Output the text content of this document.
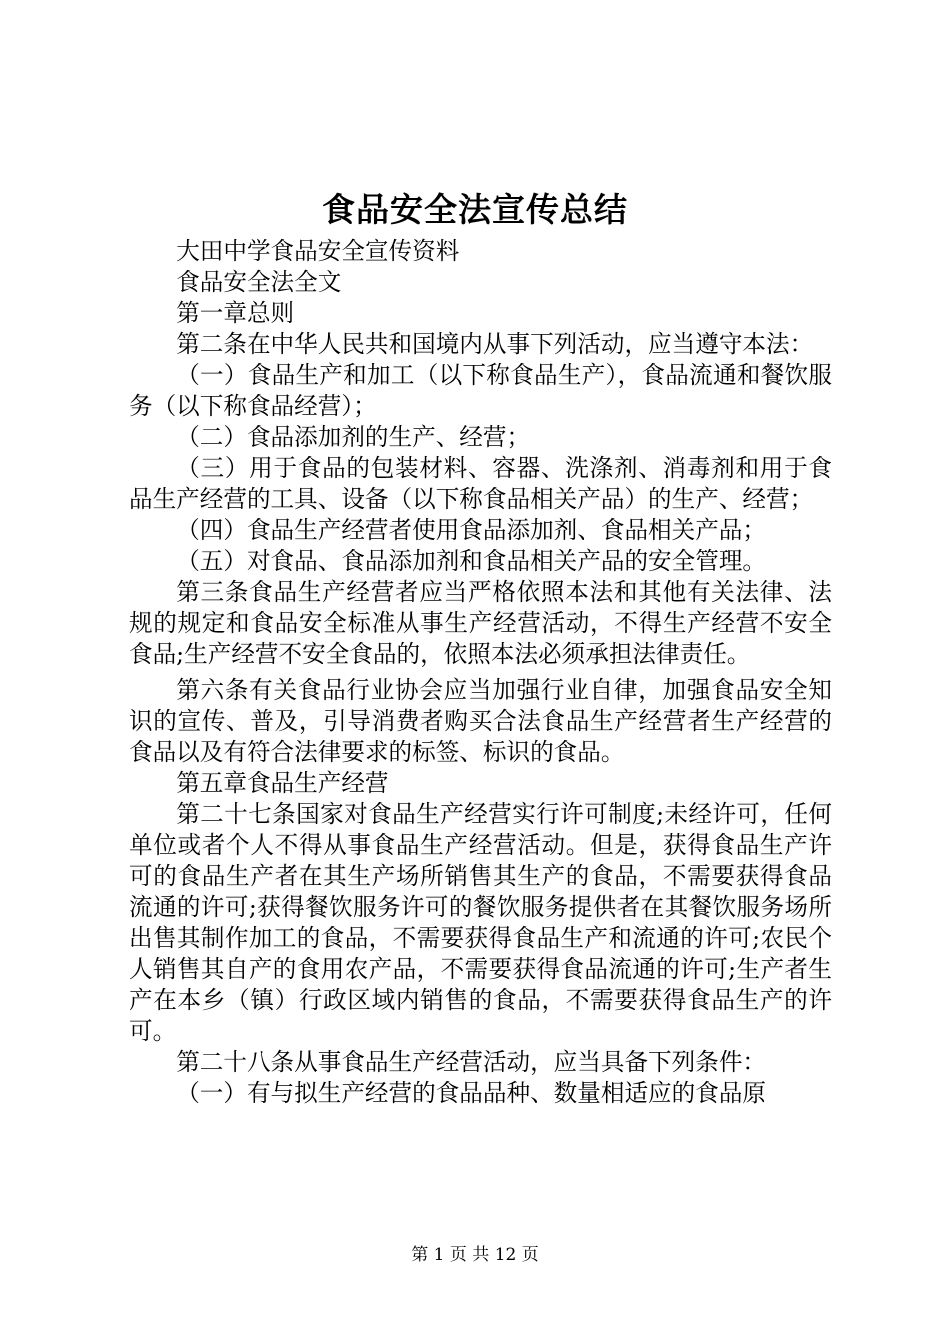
食品安全法宣传总结

大田中学食品安全宣传资料

食品安全法全文

第一章总则

第二条在中华人民共和国境内从事下列活动，应当遵守本法：

（一）食品生产和加工（以下称食品生产），食品流通和餐饮服务（以下称食品经营）；

（二）食品添加剂的生产、经营；

（三）用于食品的包装材料、容器、洗涤剂、消毒剂和用于食品生产经营的工具、设备（以下称食品相关产品）的生产、经营；

（四）食品生产经营者使用食品添加剂、食品相关产品；

（五）对食品、食品添加剂和食品相关产品的安全管理。

第三条食品生产经营者应当严格依照本法和其他有关法律、法规的规定和食品安全标准从事生产经营活动，不得生产经营不安全食品;生产经营不安全食品的，依照本法必须承担法律责任。

第六条有关食品行业协会应当加强行业自律，加强食品安全知识的宣传、普及，引导消费者购买合法食品生产经营者生产经营的食品以及有符合法律要求的标签、标识的食品。

第五章食品生产经营

第二十七条国家对食品生产经营实行许可制度;未经许可，任何单位或者个人不得从事食品生产经营活动。但是，获得食品生产许可的食品生产者在其生产场所销售其生产的食品，不需要获得食品流通的许可;获得餐饮服务许可的餐饮服务提供者在其餐饮服务场所出售其制作加工的食品，不需要获得食品生产和流通的许可;农民个人销售其自产的食用农产品，不需要获得食品流通的许可;生产者生产在本乡（镇）行政区域内销售的食品，不需要获得食品生产的许可。

第二十八条从事食品生产经营活动，应当具备下列条件：

（一）有与拟生产经营的食品品种、数量相适应的食品原

第 1 页 共 12 页
